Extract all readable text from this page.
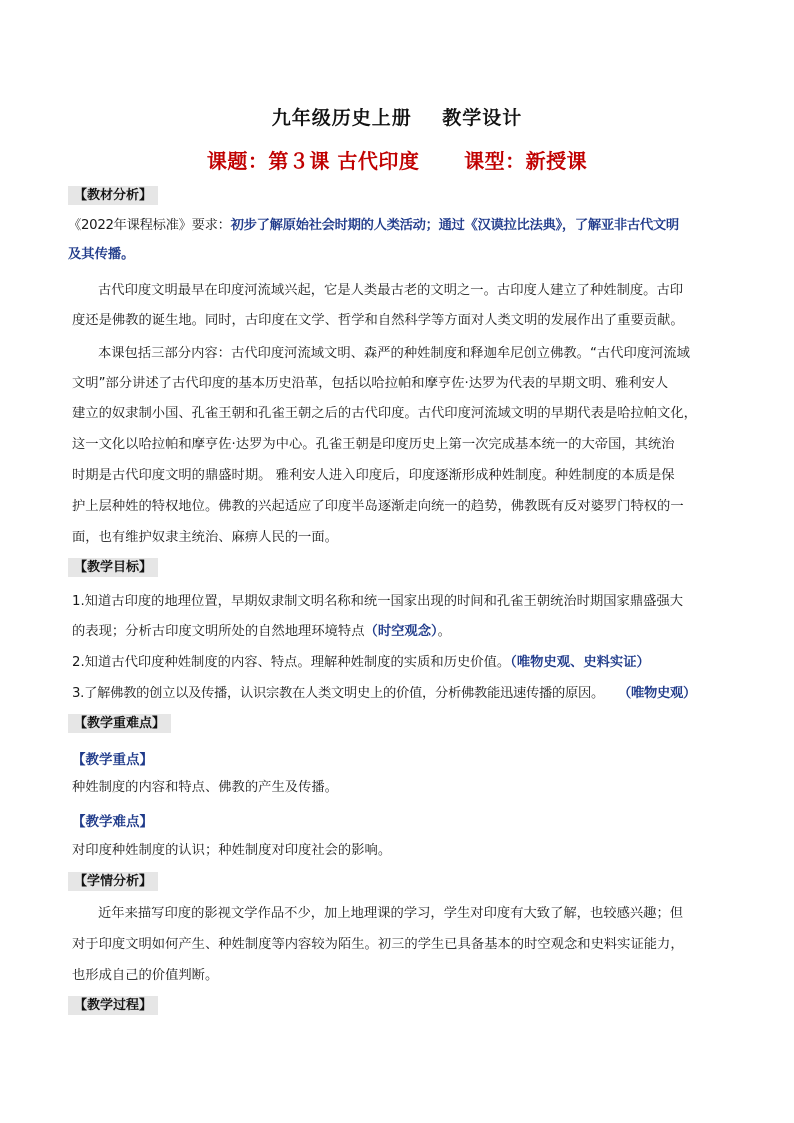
九年级历史上册    教学设计
课题：第３课 古代印度      课型：新授课
【教材分析】
《2022年课程标准》要求：初步了解原始社会时期的人类活动；通过《汉谟拉比法典》，了解亚非古代文明
及其传播。
古代印度文明最早在印度河流域兴起，它是人类最古老的文明之一。古印度人建立了种姓制度。古印
度还是佛教的诞生地。同时，古印度在文学、哲学和自然科学等方面对人类文明的发展作出了重要贡献。
本课包括三部分内容：古代印度河流域文明、森严的种姓制度和释迦牟尼创立佛教。“古代印度河流域
文明”部分讲述了古代印度的基本历史沿革，包括以哈拉帕和摩亨佐·达罗为代表的早期文明、雅利安人
建立的奴隶制小国、孔雀王朝和孔雀王朝之后的古代印度。古代印度河流域文明的早期代表是哈拉帕文化，
这一文化以哈拉帕和摩亨佐·达罗为中心。孔雀王朝是印度历史上第一次完成基本统一的大帝国，其统治
时期是古代印度文明的鼎盛时期。 雅利安人进入印度后，印度逐渐形成种姓制度。种姓制度的本质是保
护上层种姓的特权地位。佛教的兴起适应了印度半岛逐渐走向统一的趋势，佛教既有反对婆罗门特权的一
面，也有维护奴隶主统治、麻痹人民的一面。
【教学目标】
1.知道古印度的地理位置，早期奴隶制文明名称和统一国家出现的时间和孔雀王朝统治时期国家鼎盛强大
的表现；分析古印度文明所处的自然地理环境特点（时空观念）。
2.知道古代印度种姓制度的内容、特点。理解种姓制度的实质和历史价值。（唯物史观、史料实证）
3.了解佛教的创立以及传播，认识宗教在人类文明史上的价值，分析佛教能迅速传播的原因。 （唯物史观）
【教学重难点】
【教学重点】
种姓制度的内容和特点、佛教的产生及传播。
【教学难点】
对印度种姓制度的认识；种姓制度对印度社会的影响。
【学情分析】
近年来描写印度的影视文学作品不少，加上地理课的学习，学生对印度有大致了解，也较感兴趣；但
对于印度文明如何产生、种姓制度等内容较为陌生。初三的学生已具备基本的时空观念和史料实证能力，
也形成自己的价值判断。
【教学过程】
